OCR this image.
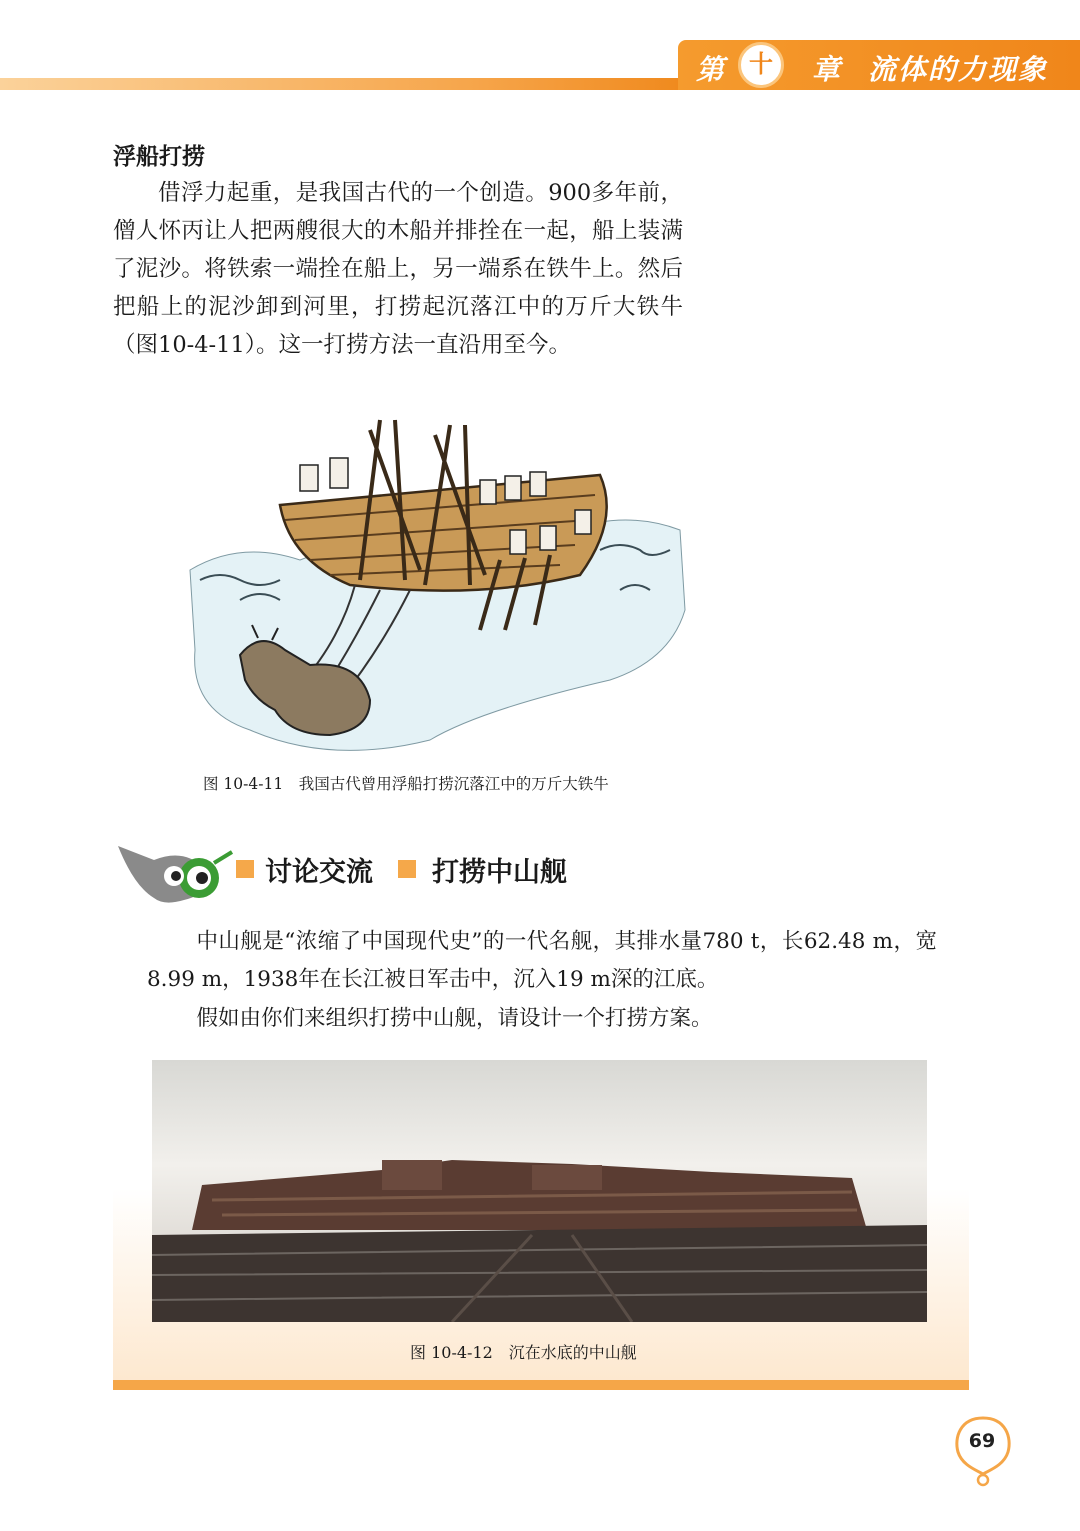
第 十	章 流体的力现象
浮船打捞

借浮力起重，是我国古代的一个创造。900多年前，僧人怀丙让人把两艘很大的木船并排拴在一起，船上装满了泥沙。将铁索一端拴在船上，另一端系在铁牛上。然后把船上的泥沙卸到河里，打捞起沉落江中的万斤大铁牛（图10-4-11）。这一打捞方法一直沿用至今。

图 10-4-11　我国古代曾用浮船打捞沉落江中的万斤大铁牛
讨论交流 打捞中山舰

中山舰是“浓缩了中国现代史”的一代名舰，其排水量780 t，长62.48 m，宽8.99 m，1938年在长江被日军击中，沉入19 m深的江底。

假如由你们来组织打捞中山舰，请设计一个打捞方案。

图 10-4-12　沉在水底的中山舰
69
